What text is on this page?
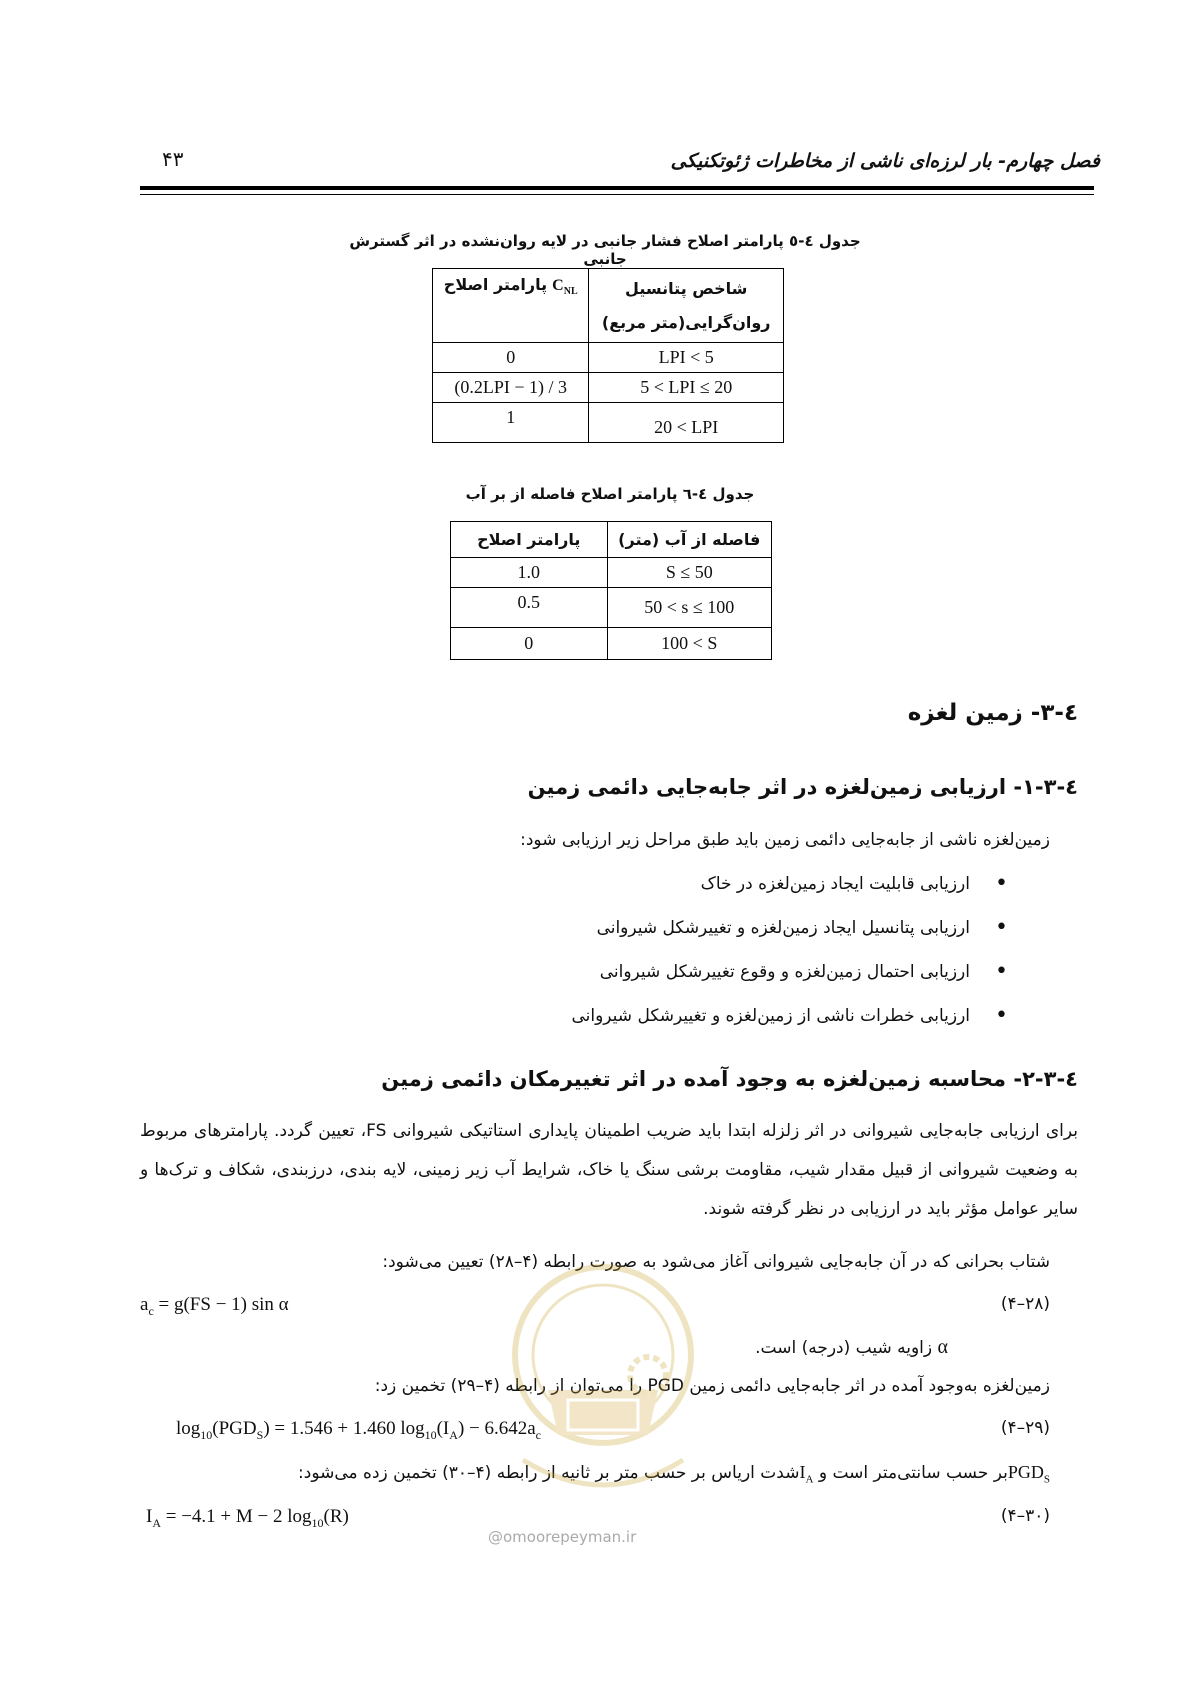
۴۳	فصل چهارم- بار لرزه‌ای ناشی از مخاطرات ژئوتکنیکی
جدول ٤-٥ پارامتر اصلاح فشار جانبی در لایه روان‌نشده در اثر گسترش جانبی
پارامتر اصلاح $C_{NL}$	شاخص پتانسیل
روان‌گرایی(متر مربع)

0	LPI < 5
(0.2LPI − 1) / 3	5 < LPI ≤ 20
1	20 < LPI
جدول ٤-٦ پارامتر اصلاح فاصله از بر آب
پارامتر اصلاح	فاصله از آب (متر)
1.0	S ≤ 50
0.5	50 < s ≤ 100
0	100 < S
٤-٣- زمین لغزه
٤-٣-١- ارزیابی زمین‌لغزه در اثر جابه‌جایی دائمی زمین
زمین‌لغزه ناشی از جابه‌جایی دائمی زمین باید طبق مراحل زیر ارزیابی شود:
• ارزیابی قابلیت ایجاد زمین‌لغزه در خاک
• ارزیابی پتانسیل ایجاد زمین‌لغزه و تغییرشکل شیروانی
• ارزیابی احتمال زمین‌لغزه و وقوع تغییرشکل شیروانی
• ارزیابی خطرات ناشی از زمین‌لغزه و تغییرشکل شیروانی
٤-٣-٢- محاسبه زمین‌لغزه به وجود آمده در اثر تغییرمکان دائمی زمین
برای ارزیابی جابه‌جایی شیروانی در اثر زلزله ابتدا باید ضریب اطمینان پایداری استاتیکی شیروانی FS، تعیین گردد. پارامترهای مربوط به وضعیت شیروانی از قبیل مقدار شیب، مقاومت برشی سنگ یا خاک، شرایط آب زیر زمینی، لایه بندی، درزبندی، شکاف و ترک‌ها و سایر عوامل مؤثر باید در ارزیابی در نظر گرفته شوند.
شتاب بحرانی که در آن جابه‌جایی شیروانی آغاز می‌شود به صورت رابطه (۴–۲۸) تعیین می‌شود:
$a_c = g(FS - 1)$ sin α	(۲۸–۴)
α زاویه شیب (درجه) است.
زمین‌لغزه به‌وجود آمده در اثر جابه‌جایی دائمی زمین PGD را می‌توان از رابطه (۴–۲۹) تخمین زد:
$\log_{10}(PGD_S) = 1.546 + 1.460$ $\log_{10}(I_A) - 6.642a_c$	(۲۹–۴)
$PGD_Sبر$ حسب سانتی‌متر است و $I_Aشدت$ اریاس بر حسب متر بر ثانیه از رابطه (۴–۳۰) تخمین زده می‌شود:
$I_A = -4.1 + M - 2$ $\log_{10}(R)$	(۳۰–۴)
@omoorepeyman.ir
